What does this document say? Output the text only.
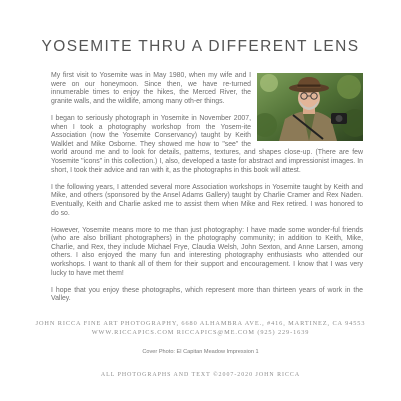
YOSEMITE THRU A DIFFERENT LENS

My first visit to Yosemite was in May 1980, when my wife and I were on our honeymoon. Since then, we have re-turned innumerable times to enjoy the hikes, the Merced River, the granite walls, and the wildlife, among many oth-er things.

I began to seriously photograph in Yosemite in November 2007, when I took a photography workshop from the Yosem-ite Association (now the Yosemite Conservancy) taught by Keith Walklet and Mike Osborne. They showed me how to "see" the world around me and to look for details, patterns, textures, and shapes close-up. (There are few Yosemite "icons" in this collection.) I, also, developed a taste for abstract and impressionist images. In short, I took their advice and ran with it, as the photographs in this book will attest.

I the following years, I attended several more Association workshops in Yosemite taught by Keith and Mike, and others (sponsored by the Ansel Adams Gallery) taught by Charlie Cramer and Rex Naden. Eventually, Keith and Charlie asked me to assist them when Mike and Rex retired. I was honored to do so.

However, Yosemite means more to me than just photography: I have made some wonder-ful friends (who are also brilliant photographers) in the photography community; in addition to Keith, Mike, Charlie, and Rex, they include Michael Frye, Claudia Welsh, John Sexton, and Anne Larsen, among others. I also enjoyed the many fun and interesting photography enthusiasts who attended our workshops. I want to thank all of them for their support and encouragement. I know that I was very lucky to have met them!

I hope that you enjoy these photographs, which represent more than thirteen years of work in the Valley.

JOHN RICCA FINE ART PHOTOGRAPHY, 6680 ALHAMBRA AVE., #416, MARTINEZ, CA 94553
WWW.RICCAPICS.COM RICCAPICS@ME.COM (925) 229-1639
Cover Photo: El Capitan Meadow Impression 1
ALL PHOTOGRAPHS AND TEXT ©2007-2020 JOHN RICCA
